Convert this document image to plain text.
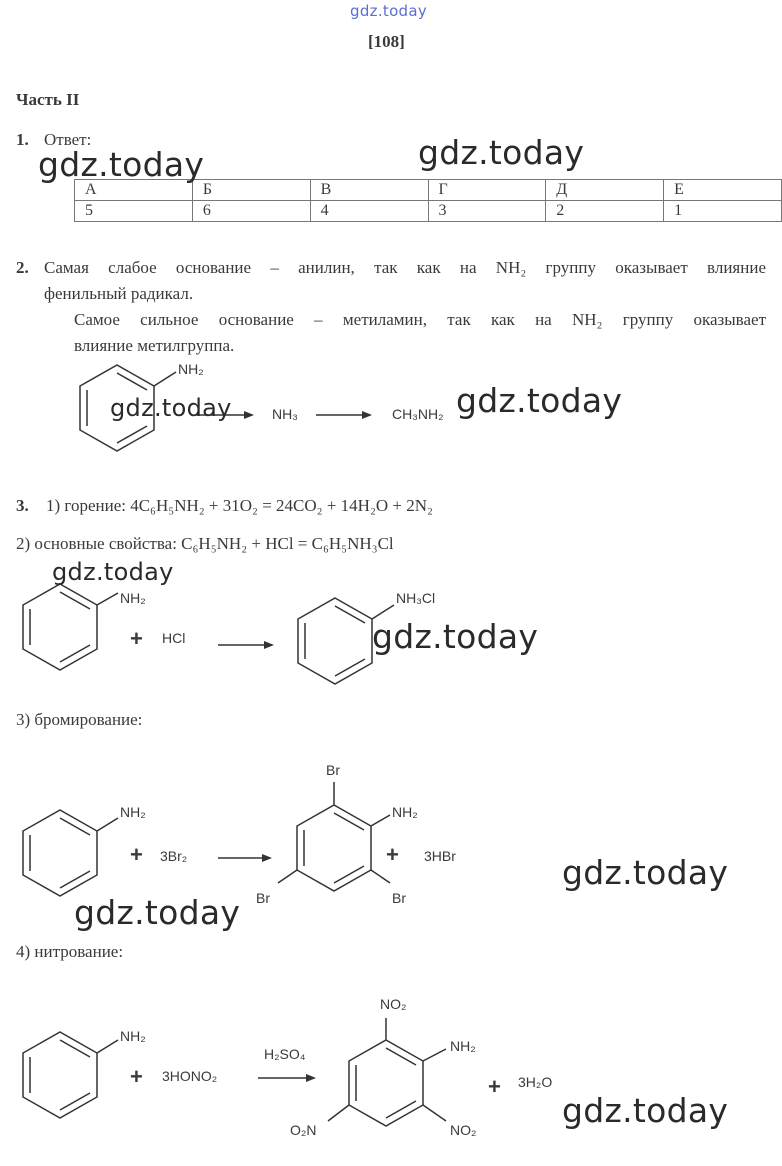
gdz.today
[108]
Часть II
1. Ответ:
А	Б	В	Г	Д	Е
5	6	4	3	2	1
gdz.today	gdz.today
2. Самая слабое основание – анилин, так как на NH₂ группу оказывает влияние
фенильный радикал.
Самое сильное основание – метиламин, так как на NH₂ группу оказывает
влияние метилгруппа.
NH₂
NH₃	CH₃NH₂
gdz.today	gdz.today
3. 1) горение: 4C₆H₅NH₂ + 31O₂ = 24CO₂ + 14H₂O + 2N₂
2) основные свойства: C₆H₅NH₂ + HCl = C₆H₅NH₃Cl
gdz.today
NH₂
+ HCl
NH₃Cl
gdz.today
3) бромирование:
NH₂
+ 3Br₂
Br
NH₂
Br	Br
+ 3HBr	gdz.today
gdz.today
4) нитрование:
NH₂
+ 3HONO₂
H₂SO₄
NO₂
NH₂
O₂N	NO₂
+ 3H₂O
gdz.today
